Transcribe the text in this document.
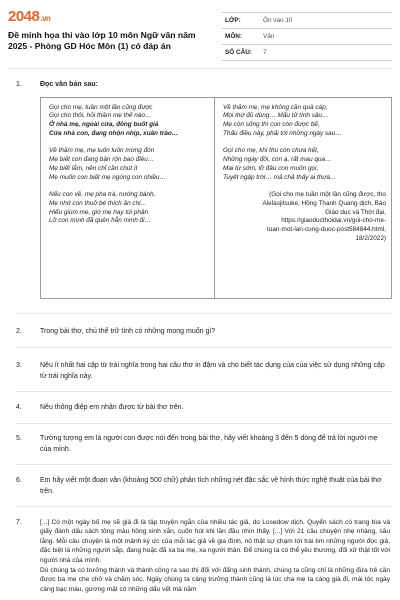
2048.vn
Đề minh họa thi vào lớp 10 môn Ngữ văn năm 2025 - Phòng GD Hóc Môn (1) có đáp án
LỚP:	Ôn vào 10
MÔN:	Văn
SỐ CÂU:	7
1.	Đọc văn bản sau:
Gọi cho mẹ, tuần một lần cũng được
Gọi cho thôi, hỏi thăm mẹ thế nào…
Ở nhà mẹ, ngoài cửa, đông buốt giá
Cửa nhà con, đang nhộn nhịp, xuân trào…
Về thăm mẹ, mẹ luôn luôn mừng đón
Mẹ biết con đang bận rộn bao điều…
Mẹ biết lắm, nên chỉ cần chút ít
Mẹ muốn con biết mẹ ngóng con nhiều…
Nếu con về, mẹ pha trà, nướng bánh,
Mẹ nhớ con thuở bé thích ăn chi…
Hiểu giùm mẹ, giờ mẹ hay túi phận
Lỡ con mình đã quên hẳn mình đi…
Về thăm mẹ, mẹ không cần quà cáp,
Mọi thứ đủ dùng… Mấu tử tình sâu…
Mẹ còn sống thì con còn được bế,
Thấu điều này, phải tới những ngày sau…
Gọi cho mẹ, khi thu còn chưa hết,
Những ngày đôi, con ạ, rất mau qua…
Mai từ sớm, lỡ đâu con muốn gọi,
Tuyết ngập trời… mả chả thấy ai thưa…
(Gọi cho mẹ tuần một lần cũng được, tho
Alelasjitsuke, Hồng Thanh Quang dịch, Báo
Giáo dục và Thời đại,
https://giaoducthoidai.vn/goi-cho-me-
tuan-mot-lan-cung-duoc-post584844.html,
18/2/2022)
2.	Trong bài thơ, chủ thể trữ tình có những mong muốn gì?
3.	Nêu ít nhất hai cặp từ trái nghĩa trong hai câu thơ in đậm và cho biết tác dụng của của việc sử dụng những cặp từ trái nghĩa này.
4.	Nêu thông điệp em nhận được từ bài thơ trên.
5.	Tưởng tượng em là người con được nói đến trong bài thơ, hãy viết khoảng 3 đến 5 dòng để trả lời người mẹ của mình.
6.	Em hãy viết một đoạn văn (khoảng 500 chữ) phân tích những nét đặc sắc về hình thức nghệ thuật của bài thơ trên.
7.	[...] Có một ngày bố mẹ sẽ già đi là tập truyện ngắn của nhiều tác giả, do Losedow dịch. Quyển sách có trang bìa và giấy đánh dấu sách tông màu hồng xinh xắn, cuốn hút khi lần đầu nhìn thấy. [...] Với 21 câu chuyện nhẹ nhàng, sâu lắng. Mỗi câu chuyện là một mảnh ký ức của mỗi tác giả về gia đình, nó thật sự chạm tới trái tim những người đọc giả, đặc biệt là những người sắp, đang hoặc đã xa ba mẹ, xa người thân. Để chúng ta có thể yêu thương, đối xử thật tốt với người nhà của mình.
Dù chúng ta có trưởng thành và thành công ra sao thì đối với đấng sinh thành, chúng ta cũng chỉ là những đứa trẻ cần được ba mẹ che chở và chăm sóc. Ngày chúng ta càng trưởng thành cũng là lúc cha mẹ ta càng già đi, mái tóc ngày càng bạc màu, gương mặt có những dấu vết mà năm
